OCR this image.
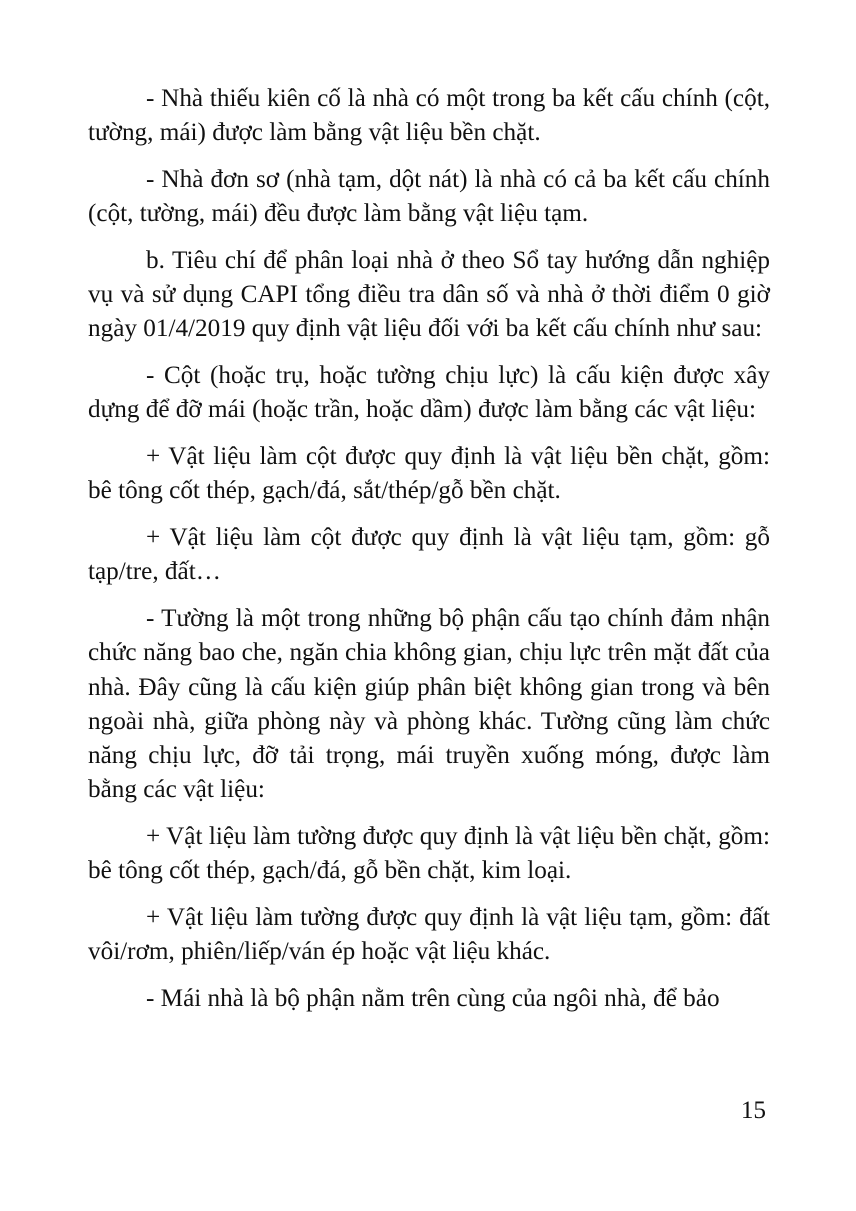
- Nhà thiếu kiên cố là nhà có một trong ba kết cấu chính (cột, tường, mái) được làm bằng vật liệu bền chặt.

- Nhà đơn sơ (nhà tạm, dột nát) là nhà có cả ba kết cấu chính (cột, tường, mái) đều được làm bằng vật liệu tạm.

b. Tiêu chí để phân loại nhà ở theo Sổ tay hướng dẫn nghiệp vụ và sử dụng CAPI tổng điều tra dân số và nhà ở thời điểm 0 giờ ngày 01/4/2019 quy định vật liệu đối với ba kết cấu chính như sau:

- Cột (hoặc trụ, hoặc tường chịu lực) là cấu kiện được xây dựng để đỡ mái (hoặc trần, hoặc dầm) được làm bằng các vật liệu:

+ Vật liệu làm cột được quy định là vật liệu bền chặt, gồm: bê tông cốt thép, gạch/đá, sắt/thép/gỗ bền chặt.

+ Vật liệu làm cột được quy định là vật liệu tạm, gồm: gỗ tạp/tre, đất…

- Tường là một trong những bộ phận cấu tạo chính đảm nhận chức năng bao che, ngăn chia không gian, chịu lực trên mặt đất của nhà. Đây cũng là cấu kiện giúp phân biệt không gian trong và bên ngoài nhà, giữa phòng này và phòng khác. Tường cũng làm chức năng chịu lực, đỡ tải trọng, mái truyền xuống móng, được làm bằng các vật liệu:

+ Vật liệu làm tường được quy định là vật liệu bền chặt, gồm: bê tông cốt thép, gạch/đá, gỗ bền chặt, kim loại.

+ Vật liệu làm tường được quy định là vật liệu tạm, gồm: đất vôi/rơm, phiên/liếp/ván ép hoặc vật liệu khác.

- Mái nhà là bộ phận nằm trên cùng của ngôi nhà, để bảo

15
